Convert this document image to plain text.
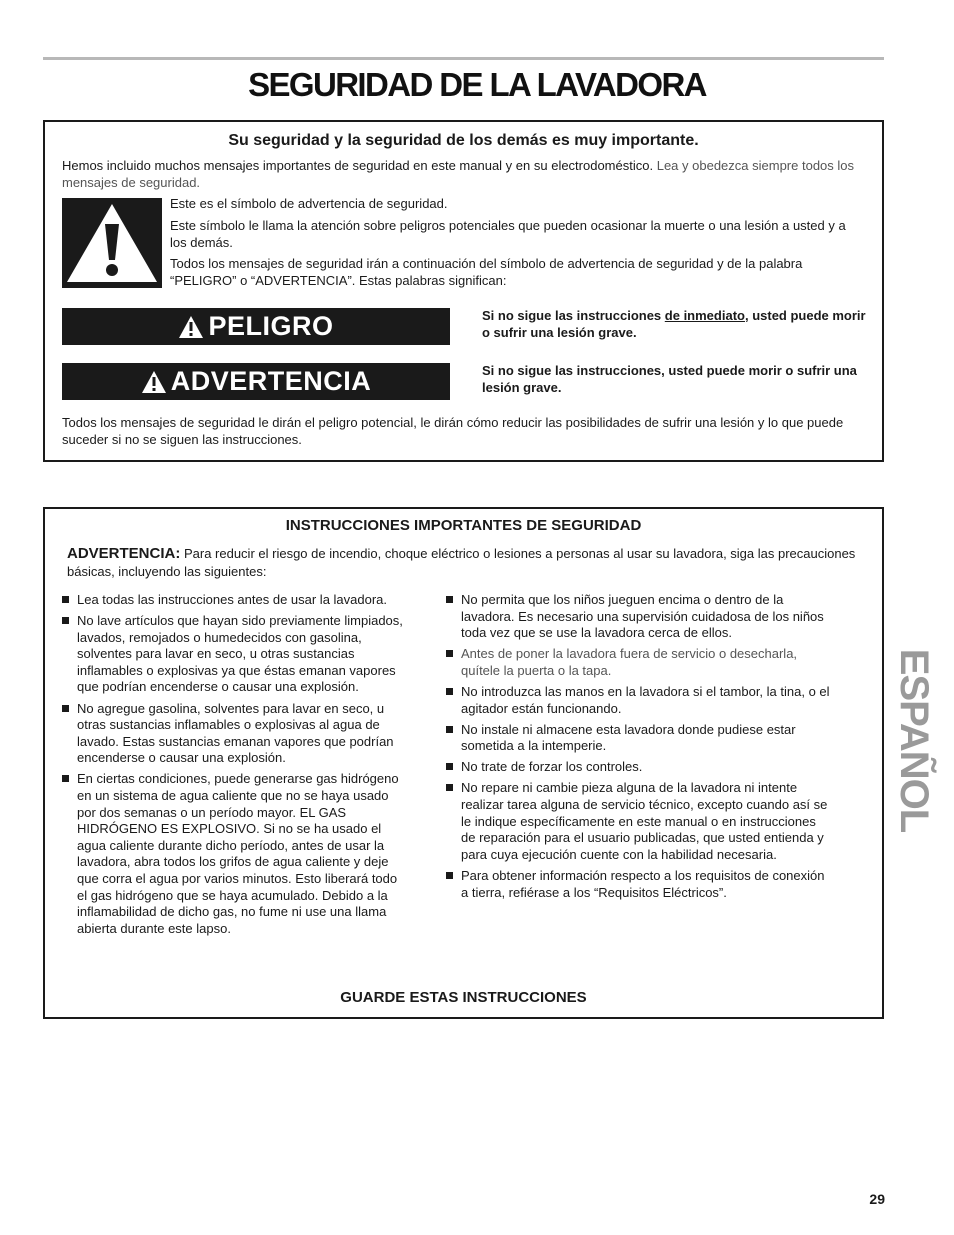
SEGURIDAD DE LA LAVADORA

Su seguridad y la seguridad de los demás es muy importante.

Hemos incluido muchos mensajes importantes de seguridad en este manual y en su electrodoméstico. Lea y obedezca siempre todos los mensajes de seguridad.

Este es el símbolo de advertencia de seguridad.

Este símbolo le llama la atención sobre peligros potenciales que pueden ocasionar la muerte o una lesión a usted y a los demás.

Todos los mensajes de seguridad irán a continuación del símbolo de advertencia de seguridad y de la palabra “PELIGRO” o “ADVERTENCIA”. Estas palabras significan:

PELIGRO
ADVERTENCIA

Si no sigue las instrucciones de inmediato, usted puede morir o sufrir una lesión grave.

Si no sigue las instrucciones, usted puede morir o sufrir una lesión grave.

Todos los mensajes de seguridad le dirán el peligro potencial, le dirán cómo reducir las posibilidades de sufrir una lesión y lo que puede suceder si no se siguen las instrucciones.

INSTRUCCIONES IMPORTANTES DE SEGURIDAD

ADVERTENCIA: Para reducir el riesgo de incendio, choque eléctrico o lesiones a personas al usar su lavadora, siga las precauciones básicas, incluyendo las siguientes:

Lea todas las instrucciones antes de usar la lavadora.
No lave artículos que hayan sido previamente limpiados, lavados, remojados o humedecidos con gasolina, solventes para lavar en seco, u otras sustancias inflamables o explosivas ya que éstas emanan vapores que podrían encenderse o causar una explosión.
No agregue gasolina, solventes para lavar en seco, u otras sustancias inflamables o explosivas al agua de lavado. Estas sustancias emanan vapores que podrían encenderse o causar una explosión.
En ciertas condiciones, puede generarse gas hidrógeno en un sistema de agua caliente que no se haya usado por dos semanas o un período mayor. EL GAS HIDRÓGENO ES EXPLOSIVO. Si no se ha usado el agua caliente durante dicho período, antes de usar la lavadora, abra todos los grifos de agua caliente y deje que corra el agua por varios minutos. Esto liberará todo el gas hidrógeno que se haya acumulado. Debido a la inflamabilidad de dicho gas, no fume ni use una llama abierta durante este lapso.
No permita que los niños jueguen encima o dentro de la lavadora. Es necesario una supervisión cuidadosa de los niños toda vez que se use la lavadora cerca de ellos.
Antes de poner la lavadora fuera de servicio o desecharla, quítele la puerta o la tapa.
No introduzca las manos en la lavadora si el tambor, la tina, o el agitador están funcionando.
No instale ni almacene esta lavadora donde pudiese estar sometida a la intemperie.
No trate de forzar los controles.
No repare ni cambie pieza alguna de la lavadora ni intente realizar tarea alguna de servicio técnico, excepto cuando así se le indique específicamente en este manual o en instrucciones de reparación para el usuario publicadas, que usted entienda y para cuya ejecución cuente con la habilidad necesaria.
Para obtener información respecto a los requisitos de conexión a tierra, refiérase a los “Requisitos Eléctricos”.

GUARDE ESTAS INSTRUCCIONES

ESPAÑOL

29
